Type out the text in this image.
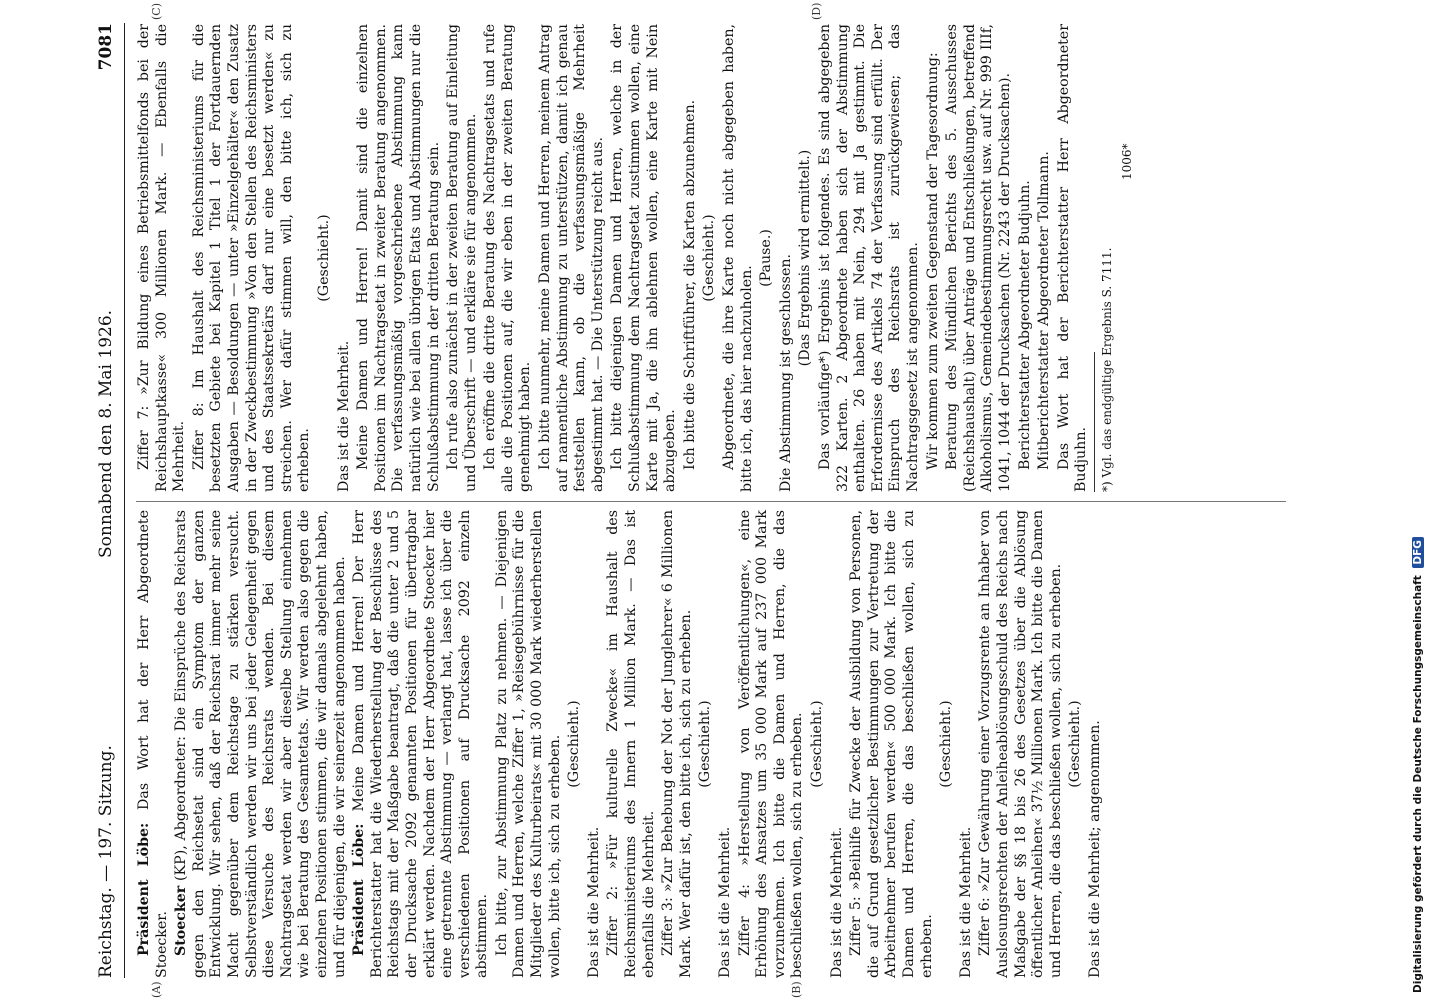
Reichstag. — 197. Sitzung.
Sonnabend den 8. Mai 1926.
7081
(A)	(B)
(C)	(D)

Präsident Löbe: Das Wort hat der Herr Abgeordnete Stoecker. Stoecker (KP), Abgeordneter: Die Einsprüche des Reichsrats gegen den Reichsetat sind ein Symptom der ganzen Entwicklung. Wir sehen, daß der Reichsrat immer mehr seine Macht gegenüber dem Reichstage zu stärken versucht. Selbstverständlich werden wir uns bei jeder Gelegenheit gegen diese Versuche des Reichsrats wenden. Bei diesem Nachtragsetat werden wir aber dieselbe Stellung einnehmen wie bei Beratung des Gesamtetats. Wir werden also gegen die einzelnen Positionen stimmen, die wir damals abgelehnt haben, und für diejenigen, die wir seinerzeit angenommen haben. Präsident Löbe: Meine Damen und Herren! Der Herr Berichterstatter hat die Wiederherstellung der Beschlüsse des Reichstags mit der Maßgabe beantragt, daß die unter 2 und 5 der Drucksache 2092 genannten Positionen für übertragbar erklärt werden. Nachdem der Herr Abgeordnete Stoecker hier eine getrennte Abstimmung — verlangt hat, lasse ich über die verschiedenen Positionen auf Drucksache 2092 einzeln abstimmen. Ich bitte, zur Abstimmung Platz zu nehmen. — Diejenigen Damen und Herren, welche Ziffer 1, »Reisegebührnisse für die Mitglieder des Kulturbeirats« mit 30 000 Mark wiederherstellen wollen, bitte ich, sich zu erheben. (Geschieht.)

Das ist die Mehrheit. Ziffer 2: »Für kulturelle Zwecke« im Haushalt des Reichsministeriums des Innern 1 Million Mark. — Das ist ebenfalls die Mehrheit. Ziffer 3: »Zur Behebung der Not der Junglehrer« 6 Millionen Mark. Wer dafür ist, den bitte ich, sich zu erheben. (Geschieht.)

Das ist die Mehrheit. Ziffer 4: »Herstellung von Veröffentlichungen«, eine Erhöhung des Ansatzes um 35 000 Mark auf 237 000 Mark vorzunehmen. Ich bitte die Damen und Herren, die das beschließen wollen, sich zu erheben. (Geschieht.)

Das ist die Mehrheit. Ziffer 5: »Beihilfe für Zwecke der Ausbildung von Personen, die auf Grund gesetzlicher Bestimmungen zur Vertretung der Arbeitnehmer berufen werden« 500 000 Mark. Ich bitte die Damen und Herren, die das beschließen wollen, sich zu erheben.

(Geschieht.)

Das ist die Mehrheit. Ziffer 6: »Zur Gewährung einer Vorzugsrente an Inhaber von Auslosungsrechten der Anleiheablösungsschuld des Reichs nach Maßgabe der §§ 18 bis 26 des Gesetzes über die Ablösung öffentlicher Anleihen« 37½ Millionen Mark. Ich bitte die Damen und Herren, die das beschließen wollen, sich zu erheben. (Geschieht.) Das ist die Mehrheit; angenommen.

Ziffer 7: »Zur Bildung eines Betriebsmittelfonds bei der Reichshauptkasse« 300 Millionen Mark. — Ebenfalls die Mehrheit. Ziffer 8: Im Haushalt des Reichsministeriums für die besetzten Gebiete bei Kapitel 1 Titel 1 der Fortdauernden Ausgaben — Besoldungen — unter »Einzelgehälter« den Zusatz in der Zweckbestimmung »Von den Stellen des Reichsministers und des Staatssekretärs darf nur eine besetzt werden« zu streichen. Wer dafür stimmen will, den bitte ich, sich zu erheben.

(Geschieht.)

Das ist die Mehrheit. Meine Damen und Herren! Damit sind die einzelnen Positionen im Nachtragsetat in zweiter Beratung angenommen. Die verfassungsmäßig vorgeschriebene Abstimmung kann natürlich wie bei allen übrigen Etats und Abstimmungen nur die Schlußabstimmung in der dritten Beratung sein. Ich rufe also zunächst in der zweiten Beratung auf Einleitung und Überschrift — und erkläre sie für angenommen. Ich eröffne die dritte Beratung des Nachtragsetats und rufe alle die Positionen auf, die wir eben in der zweiten Beratung genehmigt haben. Ich bitte nunmehr, meine Damen und Herren, meinem Antrag auf namentliche Abstimmung zu unterstützen, damit ich genau feststellen kann, ob die verfassungsmäßige Mehrheit abgestimmt hat. — Die Unterstützung reicht aus. Ich bitte diejenigen Damen und Herren, welche in der Schlußabstimmung dem Nachtragsetat zustimmen wollen, eine Karte mit Ja, die ihn ablehnen wollen, eine Karte mit Nein abzugeben. Ich bitte die Schriftführer, die Karten abzunehmen. (Geschieht.) Abgeordnete, die ihre Karte noch nicht abgegeben haben, bitte ich, das hier nachzuholen.

(Pause.) Die Abstimmung ist geschlossen. (Das Ergebnis wird ermittelt.) Das vorläufige*) Ergebnis ist folgendes. Es sind abgegeben 322 Karten. 2 Abgeordnete haben sich der Abstimmung enthalten. 26 haben mit Nein, 294 mit Ja gestimmt. Die Erfordernisse des Artikels 74 der Verfassung sind erfüllt. Der Einspruch des Reichsrats ist zurückgewiesen; das Nachtragsgesetz ist angenommen. Wir kommen zum zweiten Gegenstand der Tagesordnung: Beratung des Mündlichen Berichts des 5. Ausschusses (Reichshaushalt) über Anträge und Entschließungen, betreffend Alkoholismus, Gemeindebestimmungsrecht usw. auf Nr. 999 IIIf, 1041, 1044 der Drucksachen (Nr. 2243 der Drucksachen). Berichterstatter Abgeordneter Budjuhn. Mitberichterstatter Abgeordneter Tollmann. Das Wort hat der Berichterstatter Herr Abgeordneter Budjuhn. *) Vgl. das endgültige Ergebnis S. 7111.
1006*
Digitalisierung gefördert durch die Deutsche Forschungsgemeinschaft DFG
